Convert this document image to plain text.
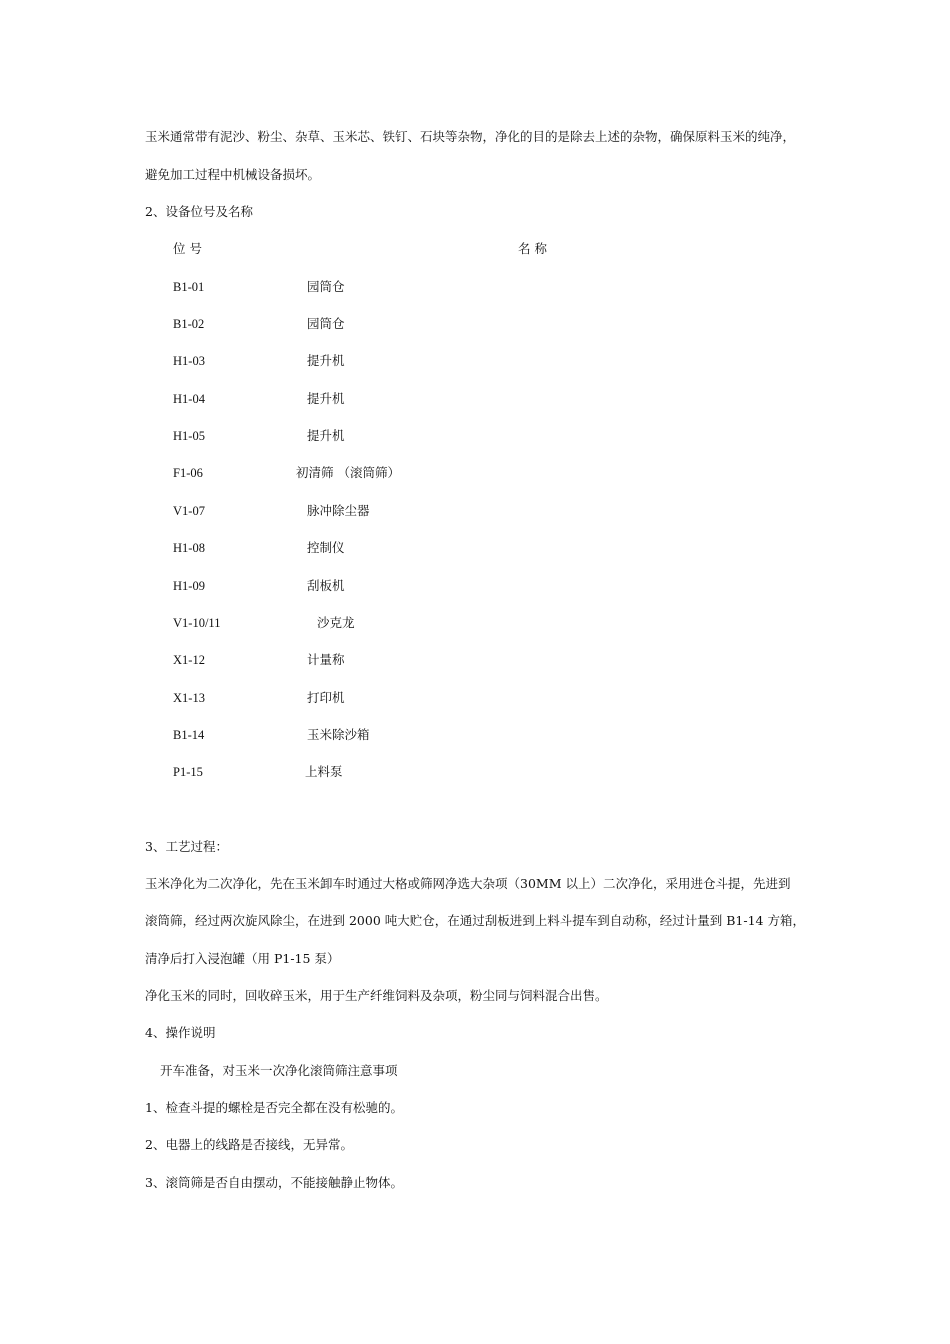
玉米通常带有泥沙、粉尘、杂草、玉米芯、铁钉、石块等杂物，净化的目的是除去上述的杂物，确保原料玉米的纯净，
避免加工过程中机械设备损坏。
2、设备位号及名称
位 号	名 称
B1-01	园筒仓
B1-02	园筒仓
H1-03	提升机
H1-04	提升机
H1-05	提升机
F1-06	初清筛 （滚筒筛）
V1-07	脉冲除尘器
H1-08	控制仪
H1-09	刮板机
V1-10/11	沙克龙
X1-12	计量称
X1-13	打印机
B1-14	玉米除沙箱
P1-15	上料泵
3、工艺过程：
玉米净化为二次净化，先在玉米卸车时通过大格或筛网净选大杂项（30MM 以上）二次净化，采用进仓斗提，先进到
滚筒筛，经过两次旋风除尘，在进到 2000 吨大贮仓，在通过刮板进到上料斗提车到自动称，经过计量到 B1-14 方箱，
清净后打入浸泡罐（用 P1-15 泵）
净化玉米的同时，回收碎玉米，用于生产纤维饲料及杂项，粉尘同与饲料混合出售。
4、操作说明
开车准备，对玉米一次净化滚筒筛注意事项
1、检查斗提的螺栓是否完全都在没有松驰的。
2、电器上的线路是否接线，无异常。
3、滚筒筛是否自由摆动，不能接触静止物体。
